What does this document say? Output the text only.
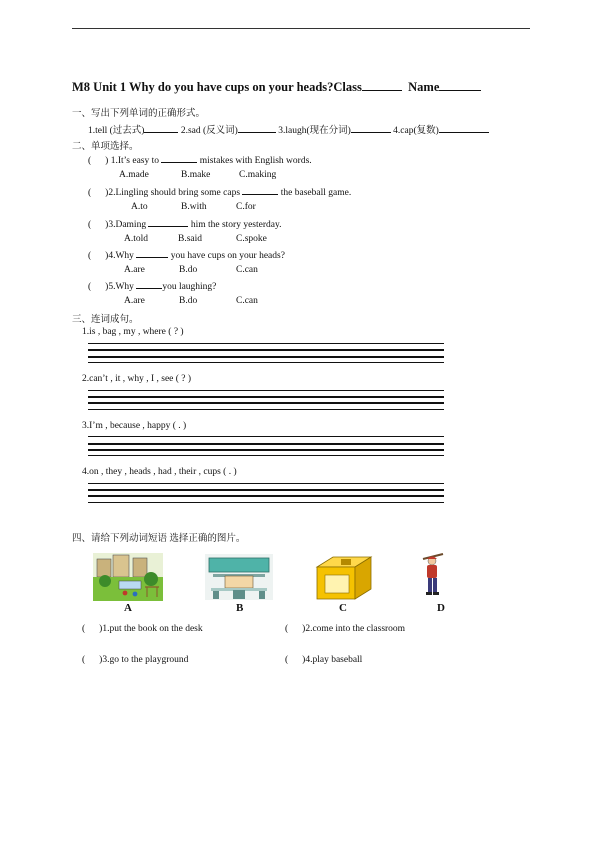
M8 Unit 1 Why do you have cups on your heads?Class	Name
一、写出下列单词的正确形式。
1.tell (过去式)	2.sad (反义词)	3.laugh(现在分词)	4.cap(复数)
二、单项选择。
( ) 1.It’s easy to	mistakes with English words.
A.made	B.make	C.making
( )2.Lingling should bring some caps	the baseball game.
A.to	B.with	C.for
( )3.Daming	him the story yesterday.
A.told	B.said	C.spoke
( )4.Why	you have cups on your heads?
A.are	B.do	C.can
( )5.Why	you laughing?
A.are	B.do	C.can
三、连词成句。
1.is , bag , my , where ( ? )
2.can’t , it , why , I , see ( ? )
3.I’m , because , happy ( . )
4.on , they , heads , had , their , cups ( . )
四、请给下列动词短语 选择正确的图片。
A	B	C	D
( )1.put the book on the desk	( )2.come into the classroom
( )3.go to the playground	( )4.play baseball
